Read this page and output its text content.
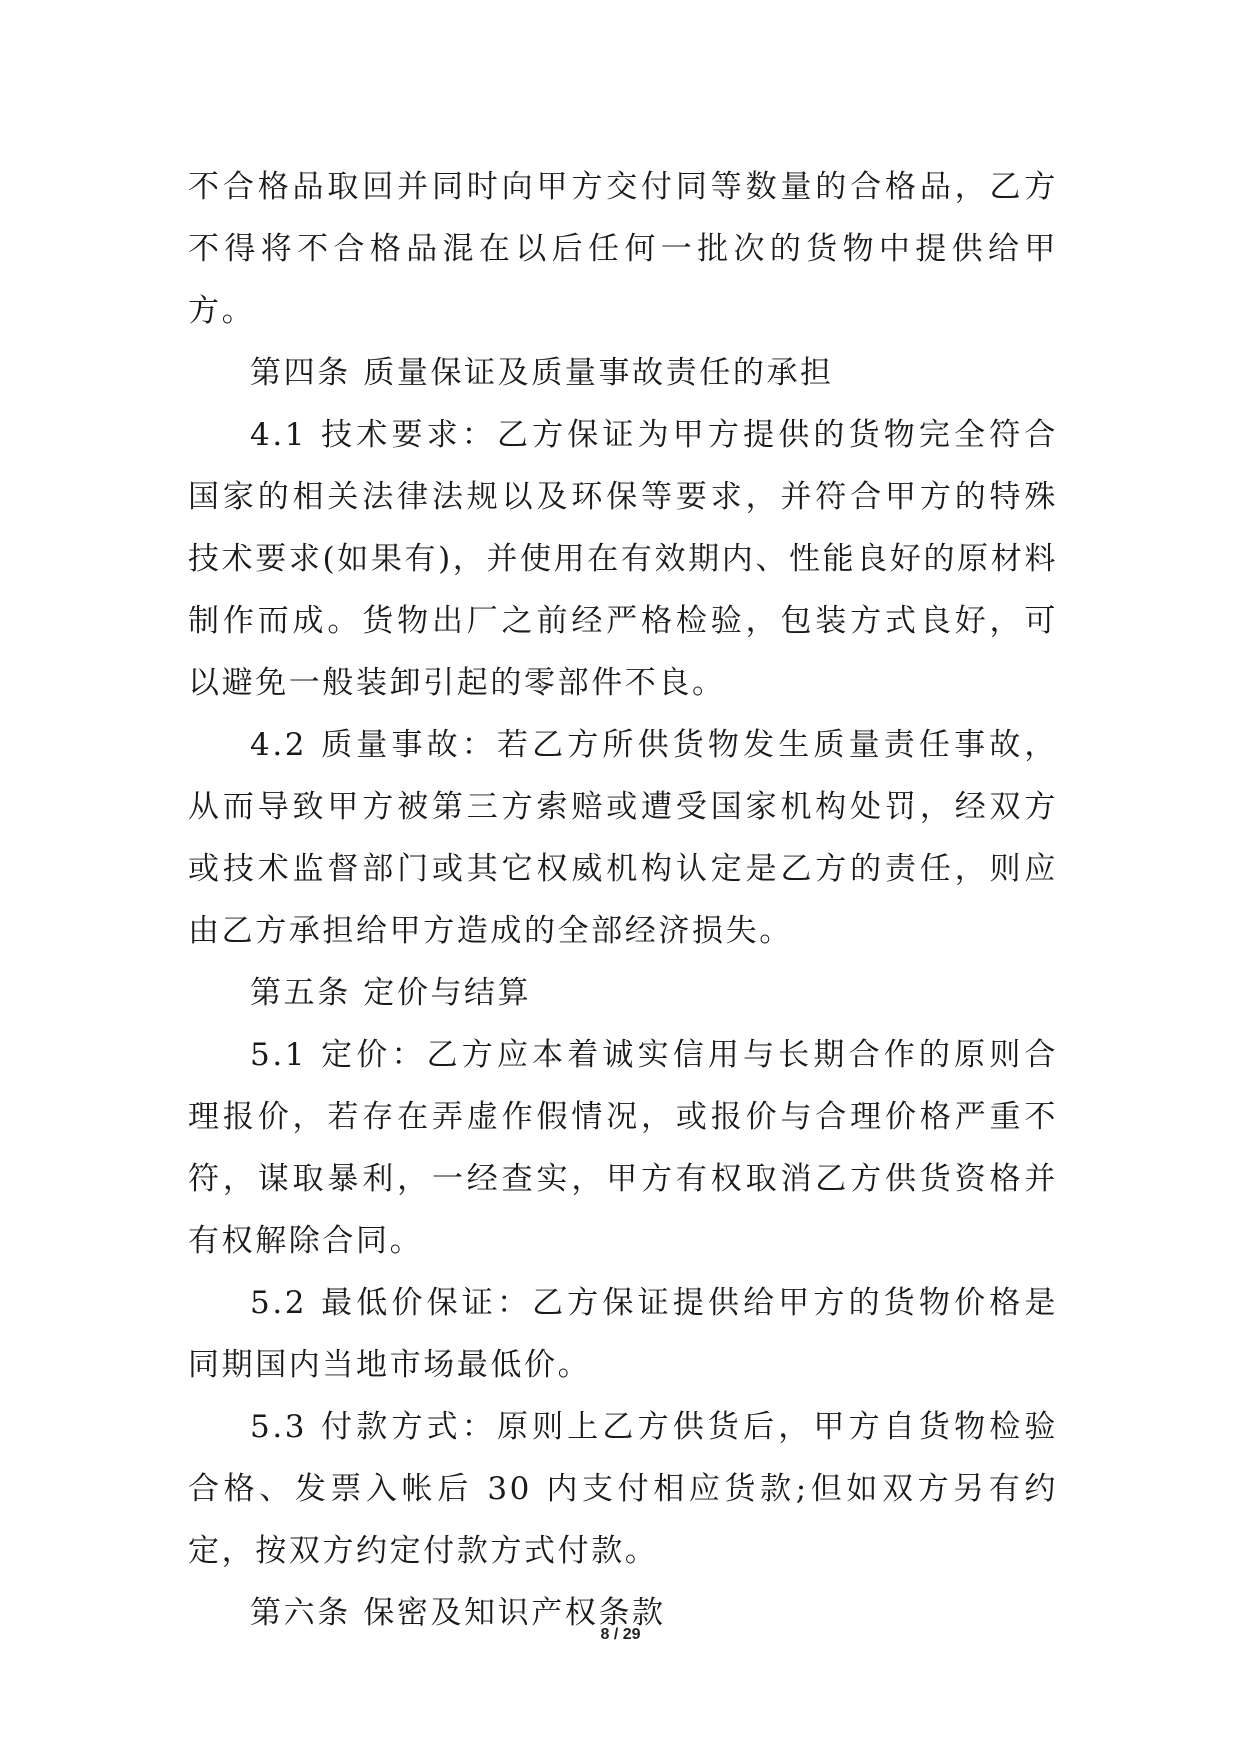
不合格品取回并同时向甲方交付同等数量的合格品，乙方不得将不合格品混在以后任何一批次的货物中提供给甲方。

第四条 质量保证及质量事故责任的承担

4.1 技术要求：乙方保证为甲方提供的货物完全符合国家的相关法律法规以及环保等要求，并符合甲方的特殊技术要求(如果有)，并使用在有效期内、性能良好的原材料制作而成。货物出厂之前经严格检验，包装方式良好，可以避免一般装卸引起的零部件不良。

4.2 质量事故：若乙方所供货物发生质量责任事故，从而导致甲方被第三方索赔或遭受国家机构处罚，经双方或技术监督部门或其它权威机构认定是乙方的责任，则应由乙方承担给甲方造成的全部经济损失。

第五条 定价与结算

5.1 定价：乙方应本着诚实信用与长期合作的原则合理报价，若存在弄虚作假情况，或报价与合理价格严重不符，谋取暴利，一经查实，甲方有权取消乙方供货资格并有权解除合同。

5.2 最低价保证：乙方保证提供给甲方的货物价格是同期国内当地市场最低价。

5.3 付款方式：原则上乙方供货后，甲方自货物检验合格、发票入帐后 30 内支付相应货款;但如双方另有约定，按双方约定付款方式付款。

第六条 保密及知识产权条款

8 / 29
